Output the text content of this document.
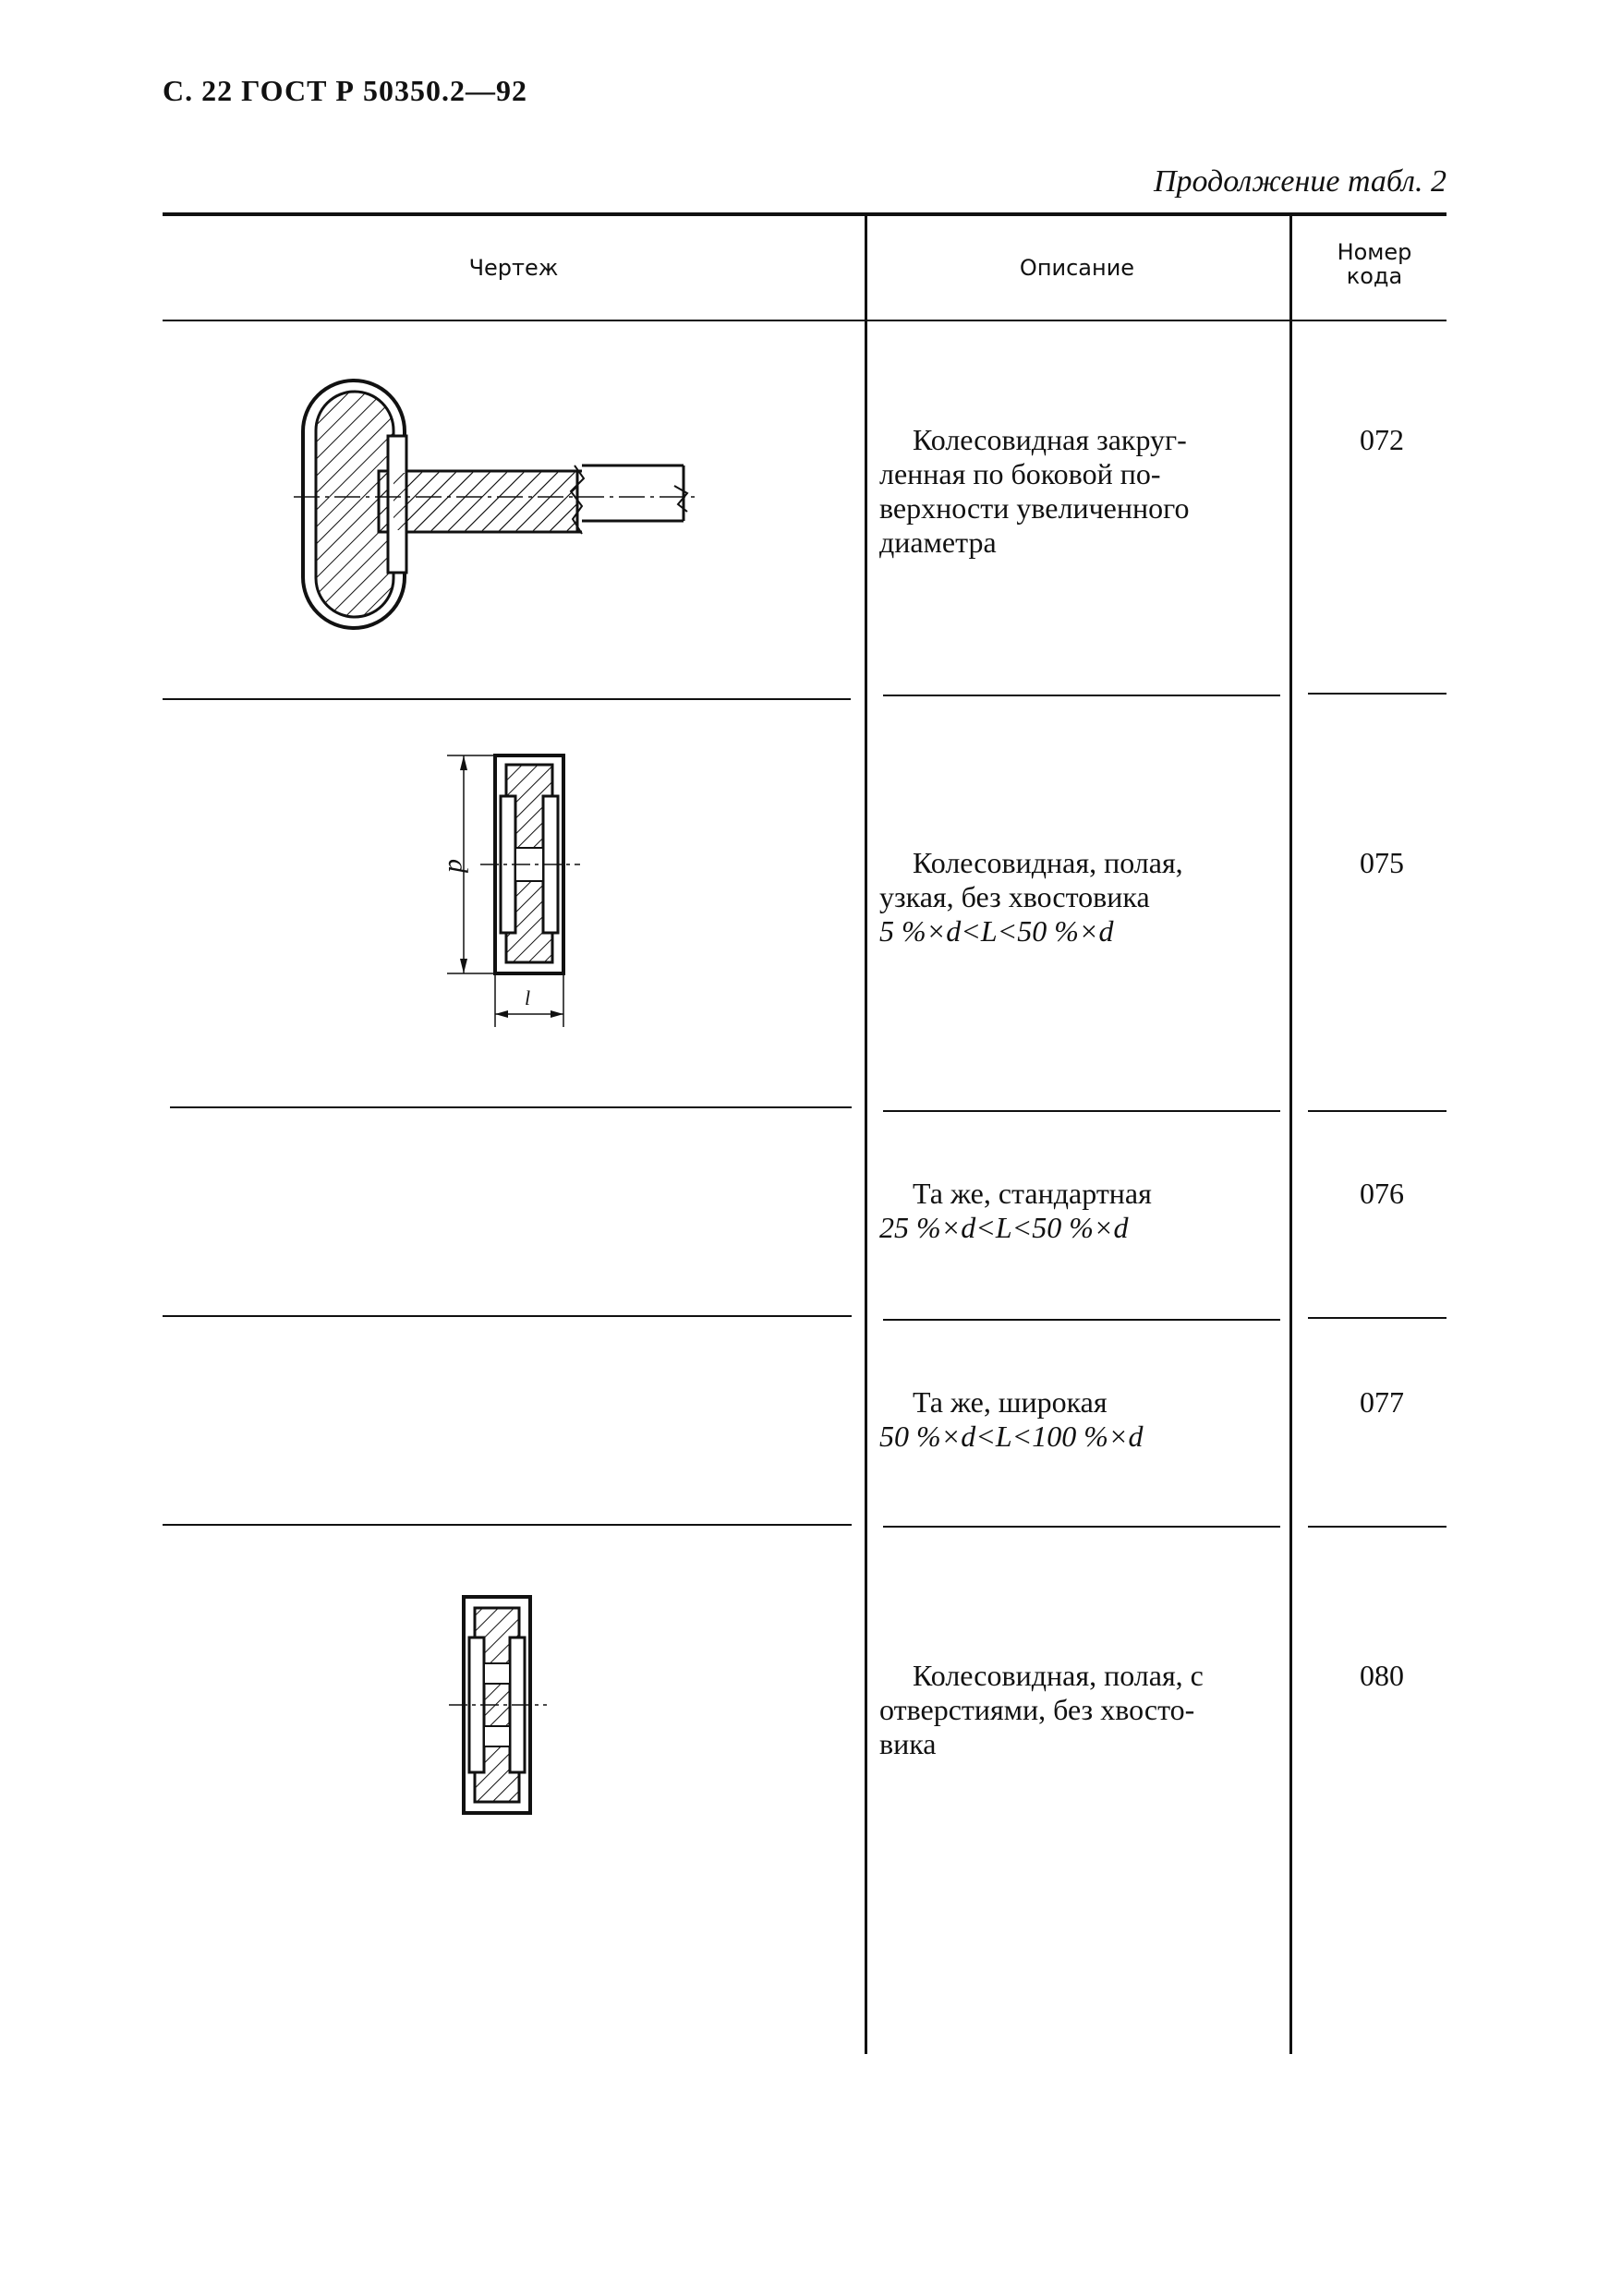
С. 22 ГОСТ Р 50350.2—92
Продолжение табл. 2
Чертеж	Описание
Номер
кода
Колесовидная закруг-
ленная по боковой по-
верхности увеличенного
диаметра
072
Колесовидная, полая,
узкая, без хвостовика
5 %×d<L<50 %×d
075
d
l
Та же, стандартная
25 %×d<L<50 %×d
076
Та же, широкая
50 %×d<L<100 %×d
077
Колесовидная, полая, с
отверстиями, без хвосто-
вика
080
